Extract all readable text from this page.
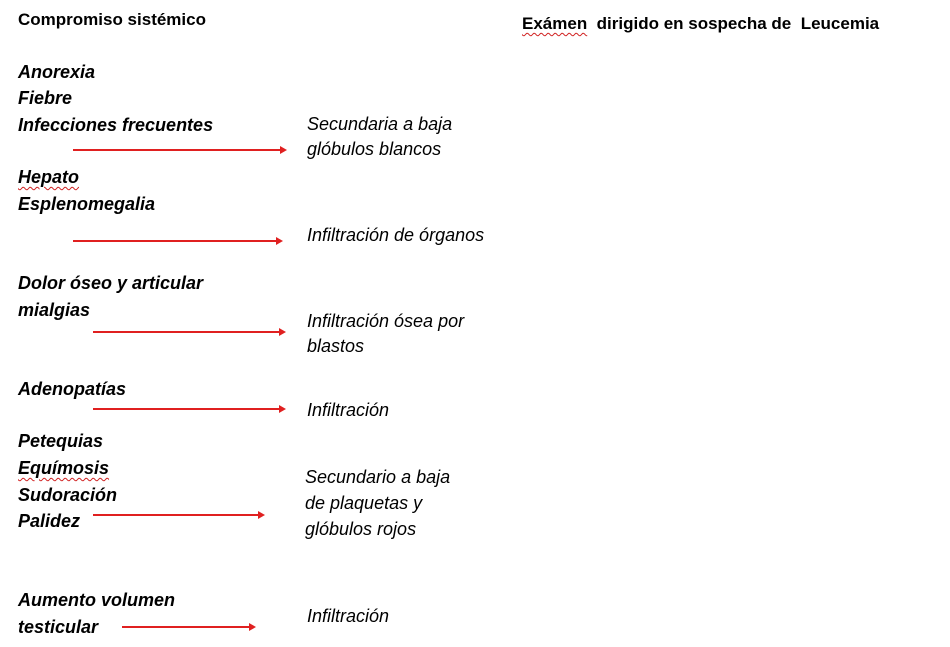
Compromiso sistémico	Exámen  dirigido en sospecha de  Leucemia
Anorexia
Fiebre
Infecciones frecuentes	Secundaria a baja
glóbulos blancos
Hepato
Esplenomegalia
Infiltración de órganos
Dolor óseo y articular
mialgias
Infiltración ósea por
blastos
Adenopatías
Infiltración
Petequias
Equímosis
Sudoración
Palidez
Secundario a baja
de plaquetas y
glóbulos rojos
Aumento volumen
testicular
Infiltración
